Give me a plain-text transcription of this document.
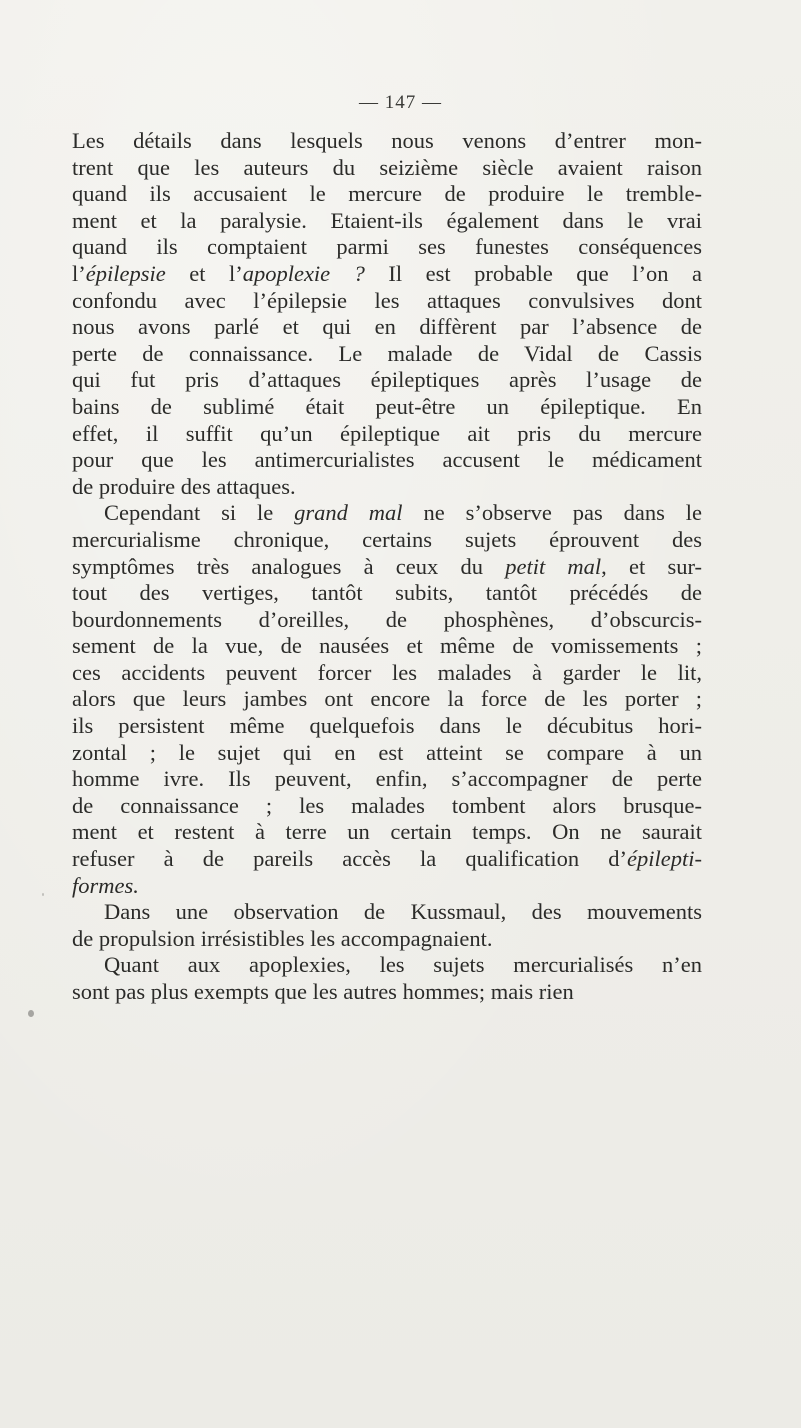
— 147 —
Les détails dans lesquels nous venons d’entrer mon-
trent que les auteurs du seizième siècle avaient raison
quand ils accusaient le mercure de produire le tremble-
ment et la paralysie. Etaient-ils également dans le vrai
quand ils comptaient parmi ses funestes conséquences
l’épilepsie et l’apoplexie ? Il est probable que l’on a
confondu avec l’épilepsie les attaques convulsives dont
nous avons parlé et qui en diffèrent par l’absence de
perte de connaissance. Le malade de Vidal de Cassis
qui fut pris d’attaques épileptiques après l’usage de
bains de sublimé était peut-être un épileptique. En
effet, il suffit qu’un épileptique ait pris du mercure
pour que les antimercurialistes accusent le médicament
de produire des attaques.
Cependant si le grand mal ne s’observe pas dans le
mercurialisme chronique, certains sujets éprouvent des
symptômes très analogues à ceux du petit mal, et sur-
tout des vertiges, tantôt subits, tantôt précédés de
bourdonnements d’oreilles, de phosphènes, d’obscurcis-
sement de la vue, de nausées et même de vomissements ;
ces accidents peuvent forcer les malades à garder le lit,
alors que leurs jambes ont encore la force de les porter ;
ils persistent même quelquefois dans le décubitus hori-
zontal ; le sujet qui en est atteint se compare à un
homme ivre. Ils peuvent, enfin, s’accompagner de perte
de connaissance ; les malades tombent alors brusque-
ment et restent à terre un certain temps. On ne saurait
refuser à de pareils accès la qualification d’épilepti-
formes.
Dans une observation de Kussmaul, des mouvements
de propulsion irrésistibles les accompagnaient.
Quant aux apoplexies, les sujets mercurialisés n’en
sont pas plus exempts que les autres hommes; mais rien
